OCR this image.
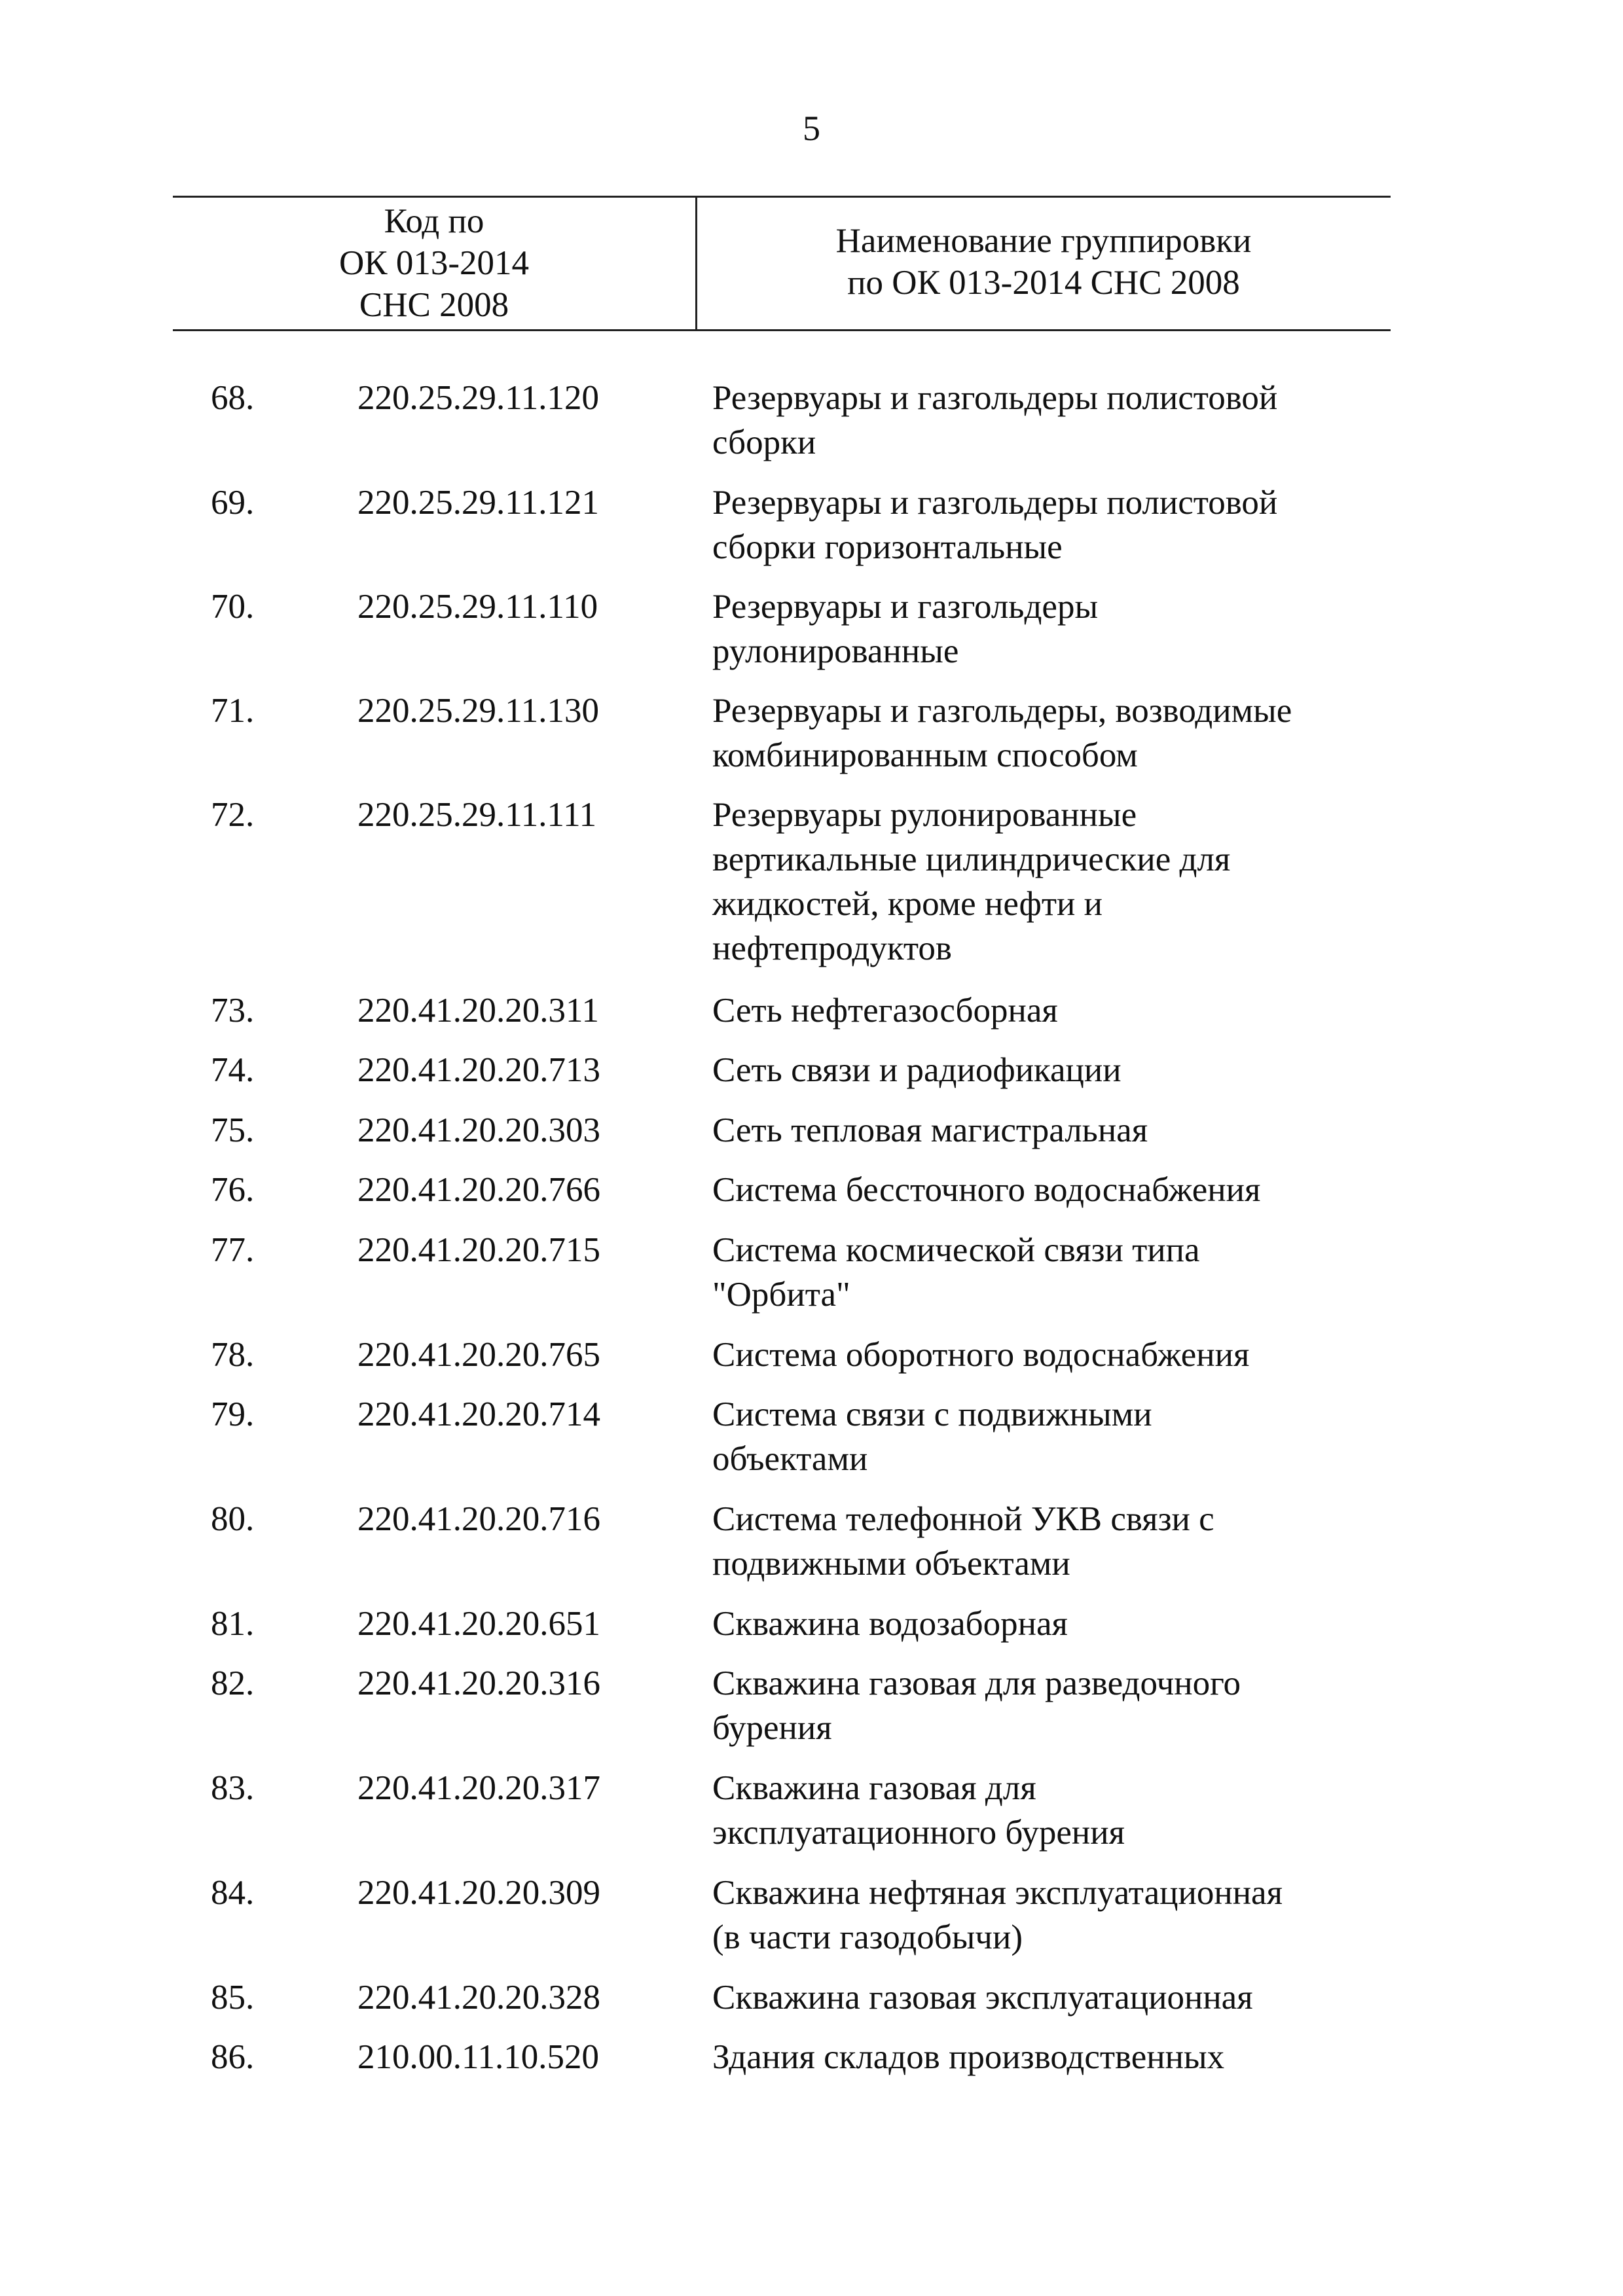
5
Код по
ОК 013-2014
СНС 2008
Наименование группировки
по ОК 013-2014 СНС 2008
68.	220.25.29.11.120	Резервуары и газгольдеры полистовой
сборки
69.	220.25.29.11.121	Резервуары и газгольдеры полистовой
сборки горизонтальные
70.	220.25.29.11.110	Резервуары и газгольдеры
рулонированные
71.	220.25.29.11.130	Резервуары и газгольдеры, возводимые
комбинированным способом
72.	220.25.29.11.111	Резервуары рулонированные
вертикальные цилиндрические для
жидкостей, кроме нефти и
нефтепродуктов
73.	220.41.20.20.311	Сеть нефтегазосборная
74.	220.41.20.20.713	Сеть связи и радиофикации
75.	220.41.20.20.303	Сеть тепловая магистральная
76.	220.41.20.20.766	Система бессточного водоснабжения
77.	220.41.20.20.715	Система космической связи типа
"Орбита"
78.	220.41.20.20.765	Система оборотного водоснабжения
79.	220.41.20.20.714	Система связи с подвижными
объектами
80.	220.41.20.20.716	Система телефонной УКВ связи с
подвижными объектами
81.	220.41.20.20.651	Скважина водозаборная
82.	220.41.20.20.316	Скважина газовая для разведочного
бурения
83.	220.41.20.20.317	Скважина газовая для
эксплуатационного бурения
84.	220.41.20.20.309	Скважина нефтяная эксплуатационная
(в части газодобычи)
85.	220.41.20.20.328	Скважина газовая эксплуатационная
86.	210.00.11.10.520	Здания складов производственных
